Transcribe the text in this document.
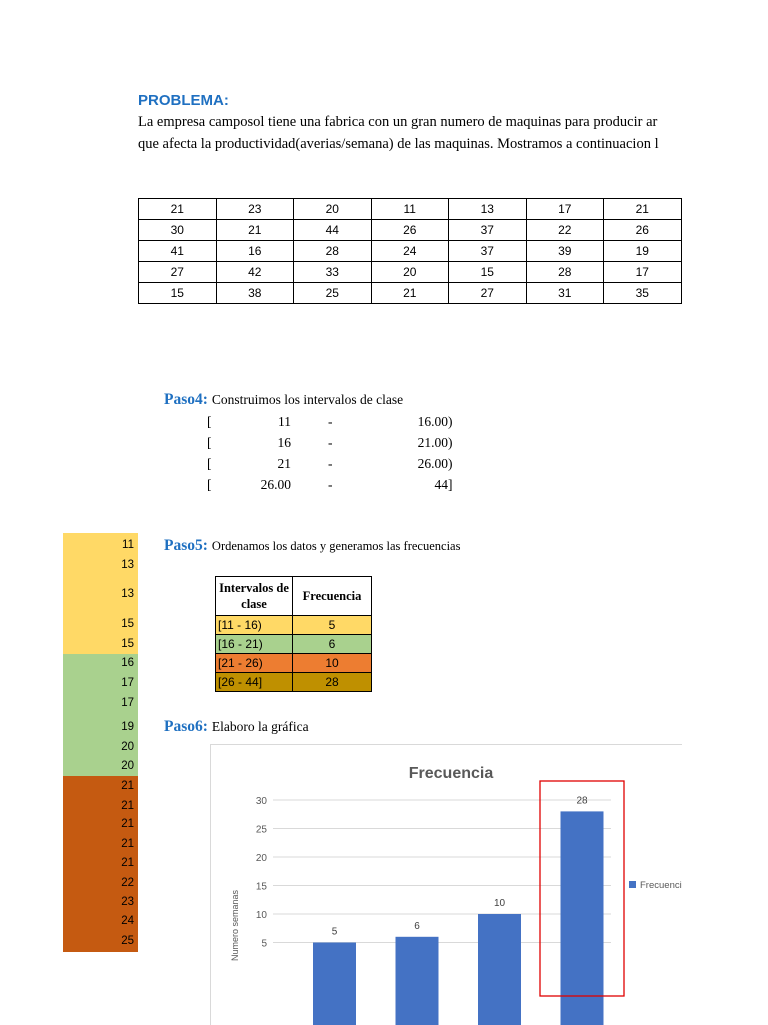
PROBLEMA:
La empresa camposol tiene una fabrica con un gran numero de maquinas para producir ar
que afecta la productividad(averias/semana) de las maquinas. Mostramos a continuacion l
21	23	20	11	13	17	21
30	21	44	26	37	22	26
41	16	28	24	37	39	19
27	42	33	20	15	28	17
15	38	25	21	27	31	35
Paso4: Construimos los intervalos de clase
[	11	-	16.00 )
[	16	-	21.00 )
[	21	-	26.00 )
[	26.00	-	44 ]
11
13
13
15
15
16
17
17
19
20
20
21
21
21
21
21
22
23
24
25
Paso5: Ordenamos los datos y generamos las frecuencias
Intervalos de clase	Frecuencia
[11 - 16)	5
[16 - 21)	6
[21 - 26)	10
[26 - 44]	28
Paso6: Elaboro la gráfica
Frecuencia
5
10
15
20
25
30
Numero semanas	5
6
10
28
Frecuenci
